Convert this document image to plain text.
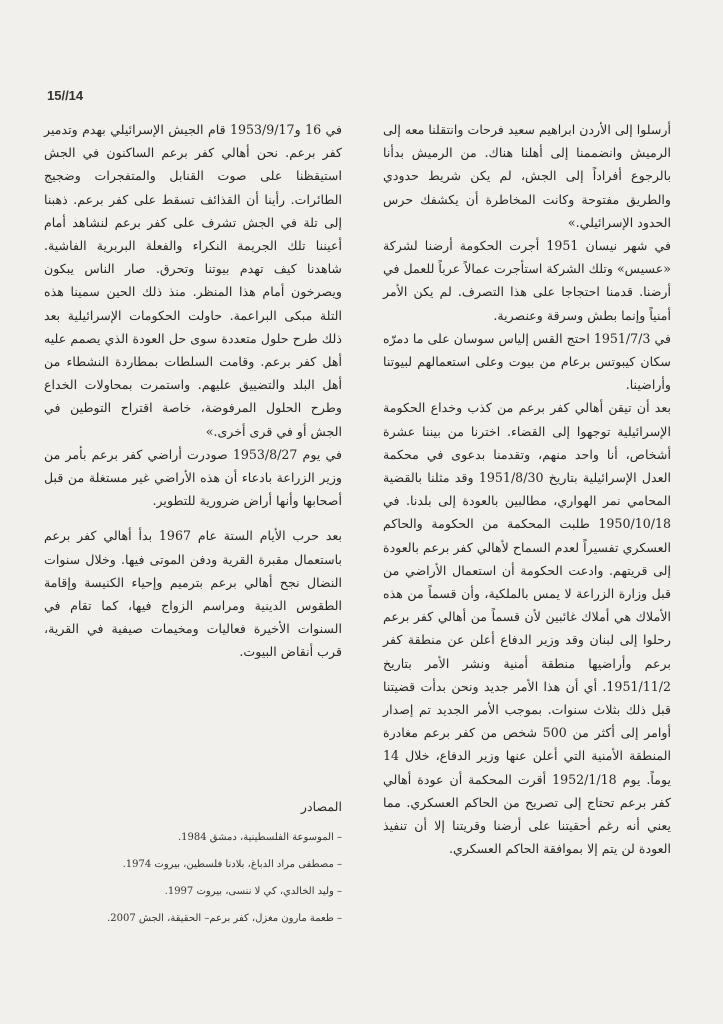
15//14

أرسلوا إلى الأردن ابراهيم سعيد فرحات وانتقلنا معه إلى الرميش وانضممنا إلى أهلنا هناك. من الرميش بدأنا بالرجوع أفراداً إلى الجش، لم يكن شريط حدودي والطريق مفتوحة وكانت المخاطرة أن يكشفك حرس الحدود الإسرائيلي.»

في شهر نيسان 1951 أجرت الحكومة أرضنا لشركة «عسيس» وتلك الشركة استأجرت عمالاً عرباً للعمل في أرضنا. قدمنا احتجاجا على هذا التصرف. لم يكن الأمر أمنياً وإنما بطش وسرقة وعنصرية.

في 1951/7/3 احتج القس إلياس سوسان على ما دمرّه سكان كيبوتس برعام من بيوت وعلى استعمالهم لبيوتنا وأراضينا.

بعد أن تيقن أهالي كفر برعم من كذب وخداع الحكومة الإسرائيلية توجهوا إلى القضاء. اخترنا من بيننا عشرة أشخاص، أنا واحد منهم، وتقدمنا بدعوى في محكمة العدل الإسرائيلية بتاريخ 1951/8/30 وقد مثلنا بالقضية المحامي نمر الهواري، مطالبين بالعودة إلى بلدنا. في 1950/10/18 طلبت المحكمة من الحكومة والحاكم العسكري تفسيراً لعدم السماح لأهالي كفر برعم بالعودة إلى قريتهم. وادعت الحكومة أن استعمال الأراضي من قبل وزارة الزراعة لا يمس بالملكية، وأن قسماً من هذه الأملاك هي أملاك غائبين لأن قسماً من أهالي كفر برعم رحلوا إلى لبنان وقد وزير الدفاع أعلن عن منطقة كفر برعم وأراضيها منطقة أمنية ونشر الأمر بتاريخ 1951/11/2. أي أن هذا الأمر جديد ونحن بدأت قضيتنا قبل ذلك بثلاث سنوات. بموجب الأمر الجديد تم إصدار أوامر إلى أكثر من 500 شخص من كفر برعم مغادرة المنطقة الأمنية التي أعلن عنها وزير الدفاع، خلال 14 يوماً. يوم 1952/1/18 أقرت المحكمة أن عودة أهالي كفر برعم تحتاج إلى تصريح من الحاكم العسكري. مما يعني أنه رغم أحقيتنا على أرضنا وقريتنا إلا أن تنفيذ العودة لن يتم إلا بموافقة الحاكم العسكري.

في 16 و1953/9/17 قام الجيش الإسرائيلي بهدم وتدمير كفر برعم. نحن أهالي كفر برعم الساكنون في الجش استيقظنا على صوت القنابل والمتفجرات وضجيج الطائرات. رأينا أن القذائف تسقط على كفر برعم. ذهبنا إلى تلة في الجش تشرف على كفر برعم لنشاهد أمام أعيننا تلك الجريمة النكراء والفعلة البربرية الفاشية. شاهدنا كيف تهدم بيوتنا وتحرق. صار الناس يبكون ويصرخون أمام هذا المنظر. منذ ذلك الحين سمينا هذه التلة مبكى البراعمة. حاولت الحكومات الإسرائيلية بعد ذلك طرح حلول متعددة سوى حل العودة الذي يصمم عليه أهل كفر برعم. وقامت السلطات بمطاردة النشطاء من أهل البلد والتضييق عليهم. واستمرت بمحاولات الخداع وطرح الحلول المرفوضة، خاصة اقتراح التوطين في الجش أو في قرى أخرى.»

في يوم 1953/8/27 صودرت أراضي كفر برعم بأمر من وزير الزراعة بادعاء أن هذه الأراضي غير مستغلة من قبل أصحابها وأنها أراض ضرورية للتطوير.

بعد حرب الأيام الستة عام 1967 بدأ أهالي كفر برعم باستعمال مقبرة القرية ودفن الموتى فيها. وخلال سنوات النضال نجح أهالي برعم بترميم وإحياء الكنيسة وإقامة الطقوس الدينية ومراسم الزواج فيها، كما تقام في السنوات الأخيرة فعاليات ومخيمات صيفية في القرية، قرب أنقاض البيوت.

المصادر
– الموسوعة الفلسطينية، دمشق 1984.
– مصطفى مراد الدباغ، بلادنا فلسطين، بيروت 1974.
– وليد الخالدي، كي لا ننسى، بيروت 1997.
– طعمة مارون مغزل، كفر برعم– الحقيقة، الجش 2007.
